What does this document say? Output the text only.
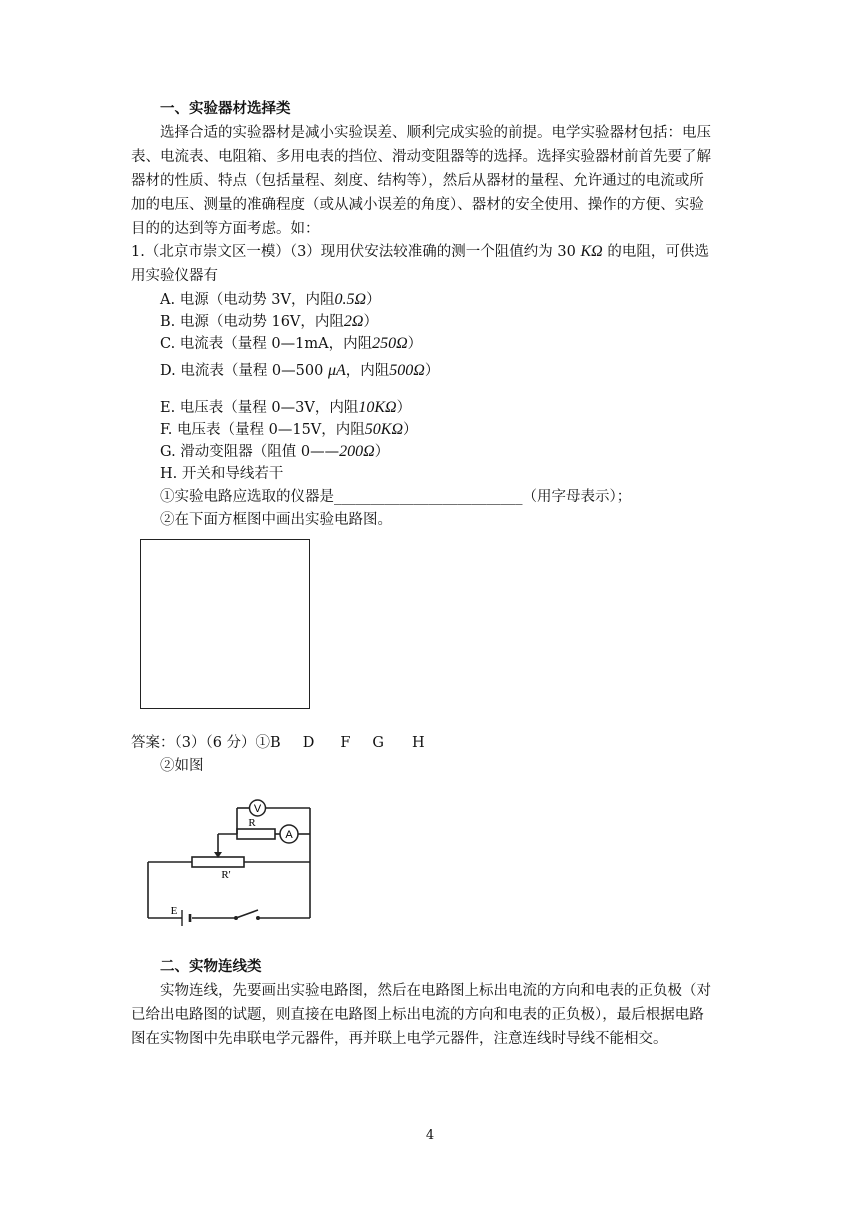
一、实验器材选择类
选择合适的实验器材是减小实验误差、顺利完成实验的前提。电学实验器材包括：电压
表、电流表、电阻箱、多用电表的挡位、滑动变阻器等的选择。选择实验器材前首先要了解
器材的性质、特点（包括量程、刻度、结构等），然后从器材的量程、允许通过的电流或所
加的电压、测量的准确程度（或从减小误差的角度）、器材的安全使用、操作的方便、实验
目的的达到等方面考虑。如：
1.（北京市崇文区一模）（3）现用伏安法较准确的测一个阻值约为 30 KΩ 的电阻，可供选
用实验仪器有
A. 电源（电动势 3V，内阻0.5Ω）
B. 电源（电动势 16V，内阻2Ω）
C. 电流表（量程 0—1mA，内阻250Ω）
D. 电流表（量程 0—500 μA，内阻500Ω）
E. 电压表（量程 0—3V，内阻10KΩ）
F. 电压表（量程 0—15V，内阻50KΩ）
G. 滑动变阻器（阻值 0——200Ω）
H. 开关和导线若干
①实验电路应选取的仪器是__________________________（用字母表示）；
②在下面方框图中画出实验电路图。
答案：（3）（6 分）①B D F G H
②如图
V
A
R
R'
E
二、实物连线类
实物连线，先要画出实验电路图，然后在电路图上标出电流的方向和电表的正负极（对
已给出电路图的试题，则直接在电路图上标出电流的方向和电表的正负极），最后根据电路
图在实物图中先串联电学元器件，再并联上电学元器件，注意连线时导线不能相交。
4
